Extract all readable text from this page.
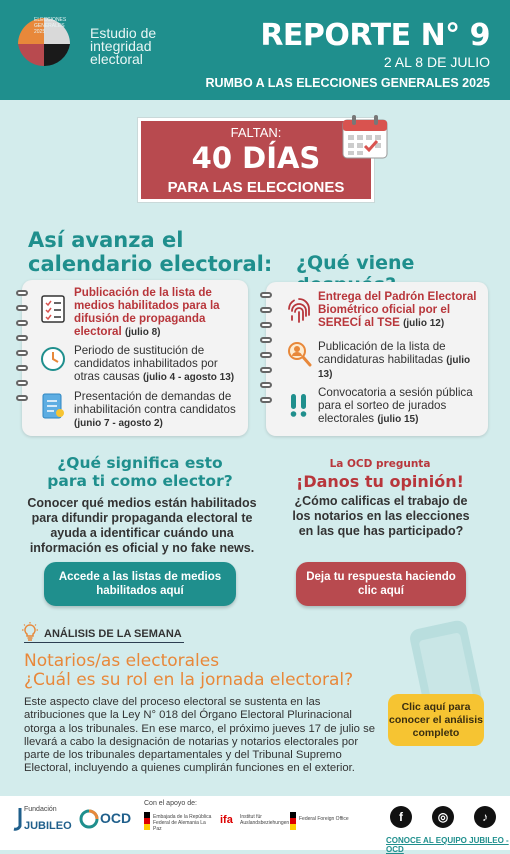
ELECCIONES GENERALES 2025	Estudio de
integridad
electoral
REPORTE N° 9
2 AL 8 DE JULIO
RUMBO A LAS ELECCIONES GENERALES 2025
FALTAN:
40 DÍAS
PARA LAS ELECCIONES
Así avanza el
calendario electoral:
Publicación de la lista de medios habilitados para la difusión de propaganda electoral (julio 8)
Periodo de sustitución de candidatos inhabilitados por otras causas (julio 4 - agosto 13)
Presentación de demandas de inhabilitación contra candidatos (junio 7 - agosto 2)
¿Qué viene
Entrega del Padrón Electoral Biométrico oficial por el SERECÍ al TSE (julio 12)
Publicación de la lista de candidaturas habilitadas (julio 13)
Convocatoria a sesión pública para el sorteo de jurados electorales (julio 15)
¿Qué significa esto
para ti como elector?
Conocer qué medios están habilitados para difundir propaganda electoral te ayuda a identificar cuándo una información es oficial y no fake news.
Accede a las listas de medios habilitados aquí
La OCD pregunta
¡Danos tu opinión!
¿Cómo calificas el trabajo de los notarios en las elecciones en las que has participado?
Deja tu respuesta haciendo clic aquí
ANÁLISIS DE LA SEMANA
Notarios/as electorales
¿Cuál es su rol en la jornada electoral?
Este aspecto clave del proceso electoral se sustenta en las atribuciones que la Ley N° 018 del Órgano Electoral Plurinacional otorga a los tribunales. En ese marco, el próximo jueves 17 de julio se llevará a cabo la designación de notarias y notarios electorales por parte de los tribunales departamentales y del Tribunal Supremo Electoral, incluyendo a quienes cumplirán funciones en el exterior.
Clic aquí para conocer el análisis completo
Fundación
JUBILEO OCD
Con el apoyo de:
Embajada de la República Federal de Alemania La Paz
ifa Institut für Auslandsbeziehungen
Federal Foreign Office	f	◎	♪
CONOCE AL EQUIPO JUBILEO - OCD
